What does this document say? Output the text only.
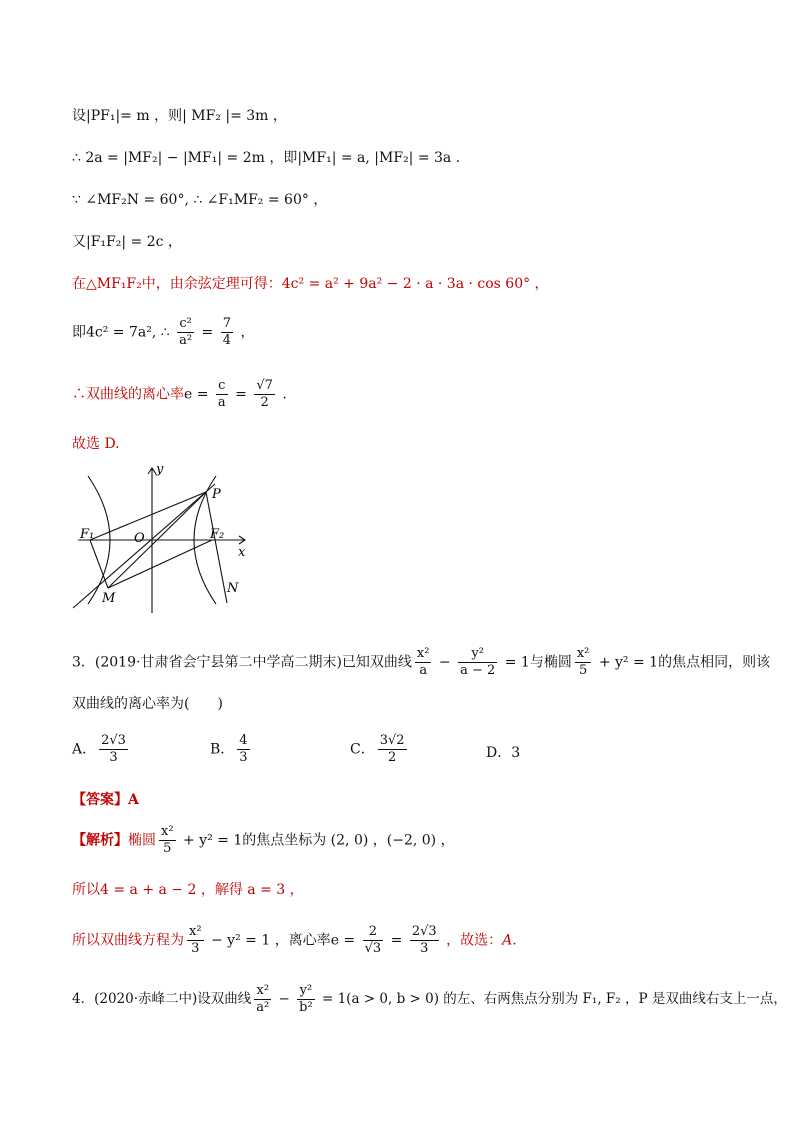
设|PF₁|= m ，则| MF₂ |= 3m ，
∴ 2a = |MF₂| − |MF₁| = 2m ，即|MF₁| = a, |MF₂| = 3a .
∵ ∠MF₂N = 60°, ∴ ∠F₁MF₂ = 60° ，
又|F₁F₂| = 2c ，
在△MF₁F₂中，由余弦定理可得：4c² = a² + 9a² − 2 · a · 3a · cos 60° ，
即4c² = 7a², ∴ $\frac{\text{c²}}{\text{a²}} = \frac{7}{4}$ ，
∴双曲线的离心率$e = \frac{c}{a} = \frac{√7}{2}$ .
故选 D.
y
x
P
F₁	O	F₂
M
N
3．(2019·甘肃省会宁县第二中学高二期末)已知双曲线 $\frac{\text{x²}}{a} - \frac{\text{y²}}{a - 2} = 1$与椭圆 $\frac{\text{x²}}{5} + y^2 = 1$的焦点相同，则该
双曲线的离心率为(　　)
A． $\frac{2√3}{3}$	B． $\frac{4}{3}$	C． $\frac{3√2}{2}$	D．3
【答案】A
【解析】椭圆 $\frac{\text{x²}}{5} + y^2 = 1$的焦点坐标为 (2, 0) ，(−2, 0) ，
所以4 = a + a − 2 ，解得 a = 3 ，
所以双曲线方程为 $\frac{\text{x²}}{3} - y^2 = 1$ ，离心率$e = \frac{2}{√3} = \frac{2√3}{3}$ ，故选：A.
4．(2020·赤峰二中)设双曲线 $\frac{\text{x²}}{\text{a²}} - \frac{\text{y²}}{\text{b²}} = 1(a > 0$, b > 0) 的左、右两焦点分别为 F₁, F₂ ，P 是双曲线右支上一点，
